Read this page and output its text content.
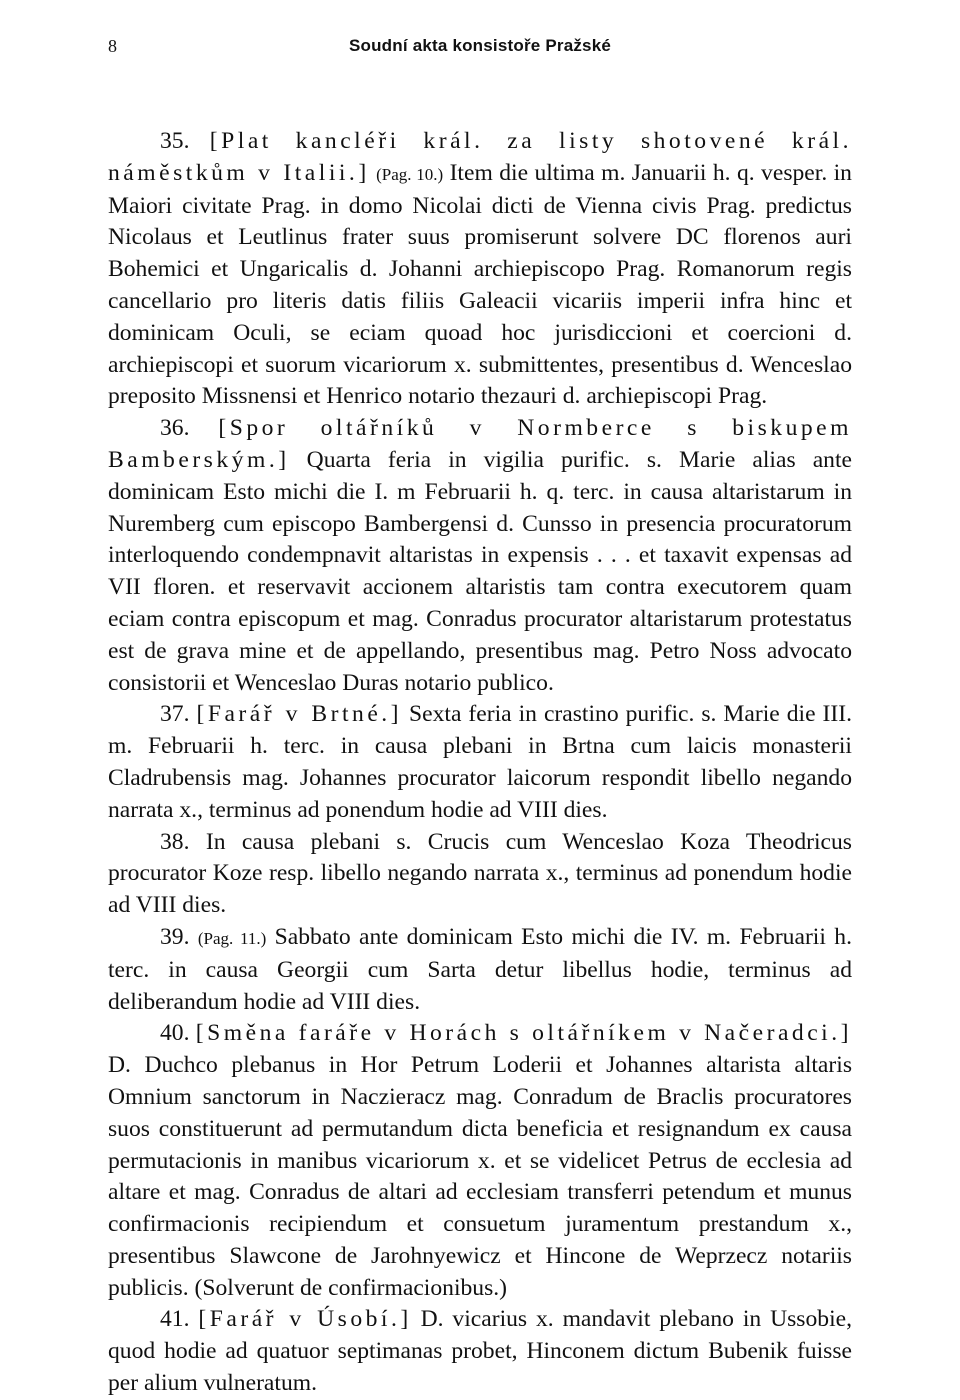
8	Soudní akta konsistoře Pražské

35. [Plat kancléři král. za listy shotovené král. náměstkům v Italii.] (Pag. 10.) Item die ultima m. Januarii h. q. vesper. in Maiori civitate Prag. in domo Nicolai dicti de Vienna civis Prag. predictus Nicolaus et Leutlinus frater suus promiserunt solvere DC florenos auri Bohemici et Ungaricalis d. Johanni archiepiscopo Prag. Romanorum regis cancellario pro literis datis filiis Galeacii vicariis imperii infra hinc et dominicam Oculi, se eciam quoad hoc jurisdiccioni et coercioni d. archiepiscopi et suorum vicariorum x. submittentes, presentibus d. Wenceslao preposito Missnensi et Henrico notario thezauri d. archiepiscopi Prag.

36. [Spor oltářníků v Normberce s biskupem Bamberským.] Quarta feria in vigilia purific. s. Marie alias ante dominicam Esto michi die I. m Februarii h. q. terc. in causa altaristarum in Nuremberg cum episcopo Bambergensi d. Cunsso in presencia procuratorum interloquendo condempnavit altaristas in expensis . . . et taxavit expensas ad VII floren. et reservavit accionem altaristis tam contra executorem quam eciam contra episcopum et mag. Conradus procurator altaristarum protestatus est de grava mine et de appellando, presentibus mag. Petro Noss advocato consistorii et Wenceslao Duras notario publico.

37. [Farář v Brtné.] Sexta feria in crastino purific. s. Marie die III. m. Februarii h. terc. in causa plebani in Brtna cum laicis monasterii Cladrubensis mag. Johannes procurator laicorum respondit libello negando narrata x., terminus ad ponendum hodie ad VIII dies.

38. In causa plebani s. Crucis cum Wenceslao Koza Theodricus procurator Koze resp. libello negando narrata x., terminus ad ponendum hodie ad VIII dies.

39. (Pag. 11.) Sabbato ante dominicam Esto michi die IV. m. Februarii h. terc. in causa Georgii cum Sarta detur libellus hodie, terminus ad deliberandum hodie ad VIII dies.

40. [Směna faráře v Horách s oltářníkem v Načeradci.] D. Duchco plebanus in Hor Petrum Loderii et Johannes altarista altaris Omnium sanctorum in Naczieracz mag. Conradum de Braclis procuratores suos constituerunt ad permutandum dicta beneficia et resignandum ex causa permutacionis in manibus vicariorum x. et se videlicet Petrus de ecclesia ad altare et mag. Conradus de altari ad ecclesiam transferri petendum et munus confirmacionis recipiendum et consuetum juramentum prestandum x., presentibus Slawcone de Jarohnyewicz et Hincone de Weprzecz notariis publicis. (Solverunt de confirmacionibus.)

41. [Farář v Úsobí.] D. vicarius x. mandavit plebano in Ussobie, quod hodie ad quatuor septimanas probet, Hinconem dictum Bubenik fuisse per alium vulneratum.
